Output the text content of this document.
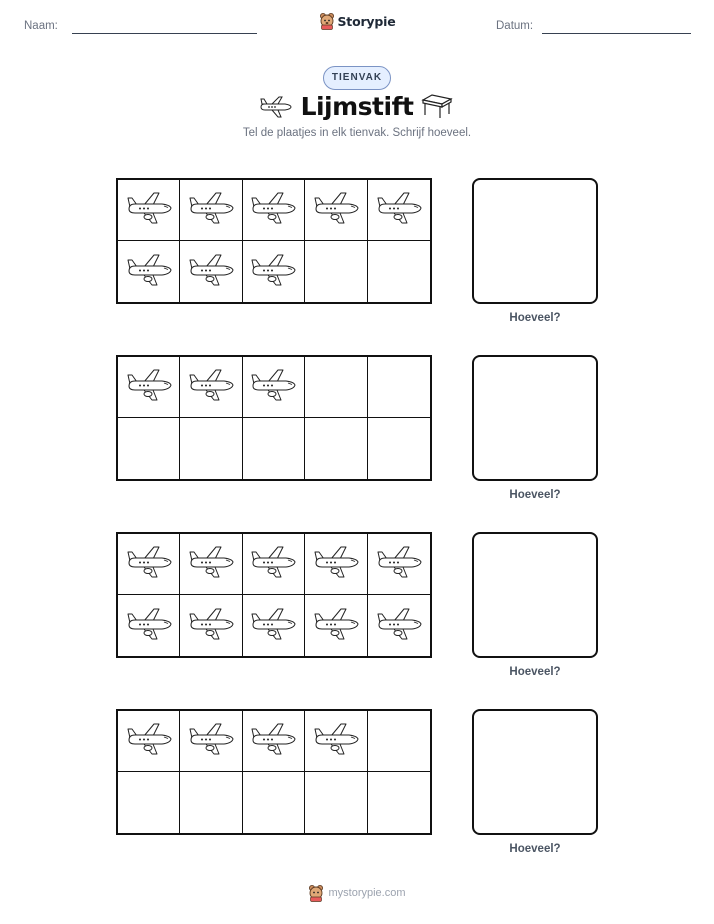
Naam:	Storypie	Datum:
TIENVAK
Lijmstift
Tel de plaatjes in elk tienvak. Schrijf hoeveel.
Hoeveel?
Hoeveel?
Hoeveel?
Hoeveel?
mystorypie.com
